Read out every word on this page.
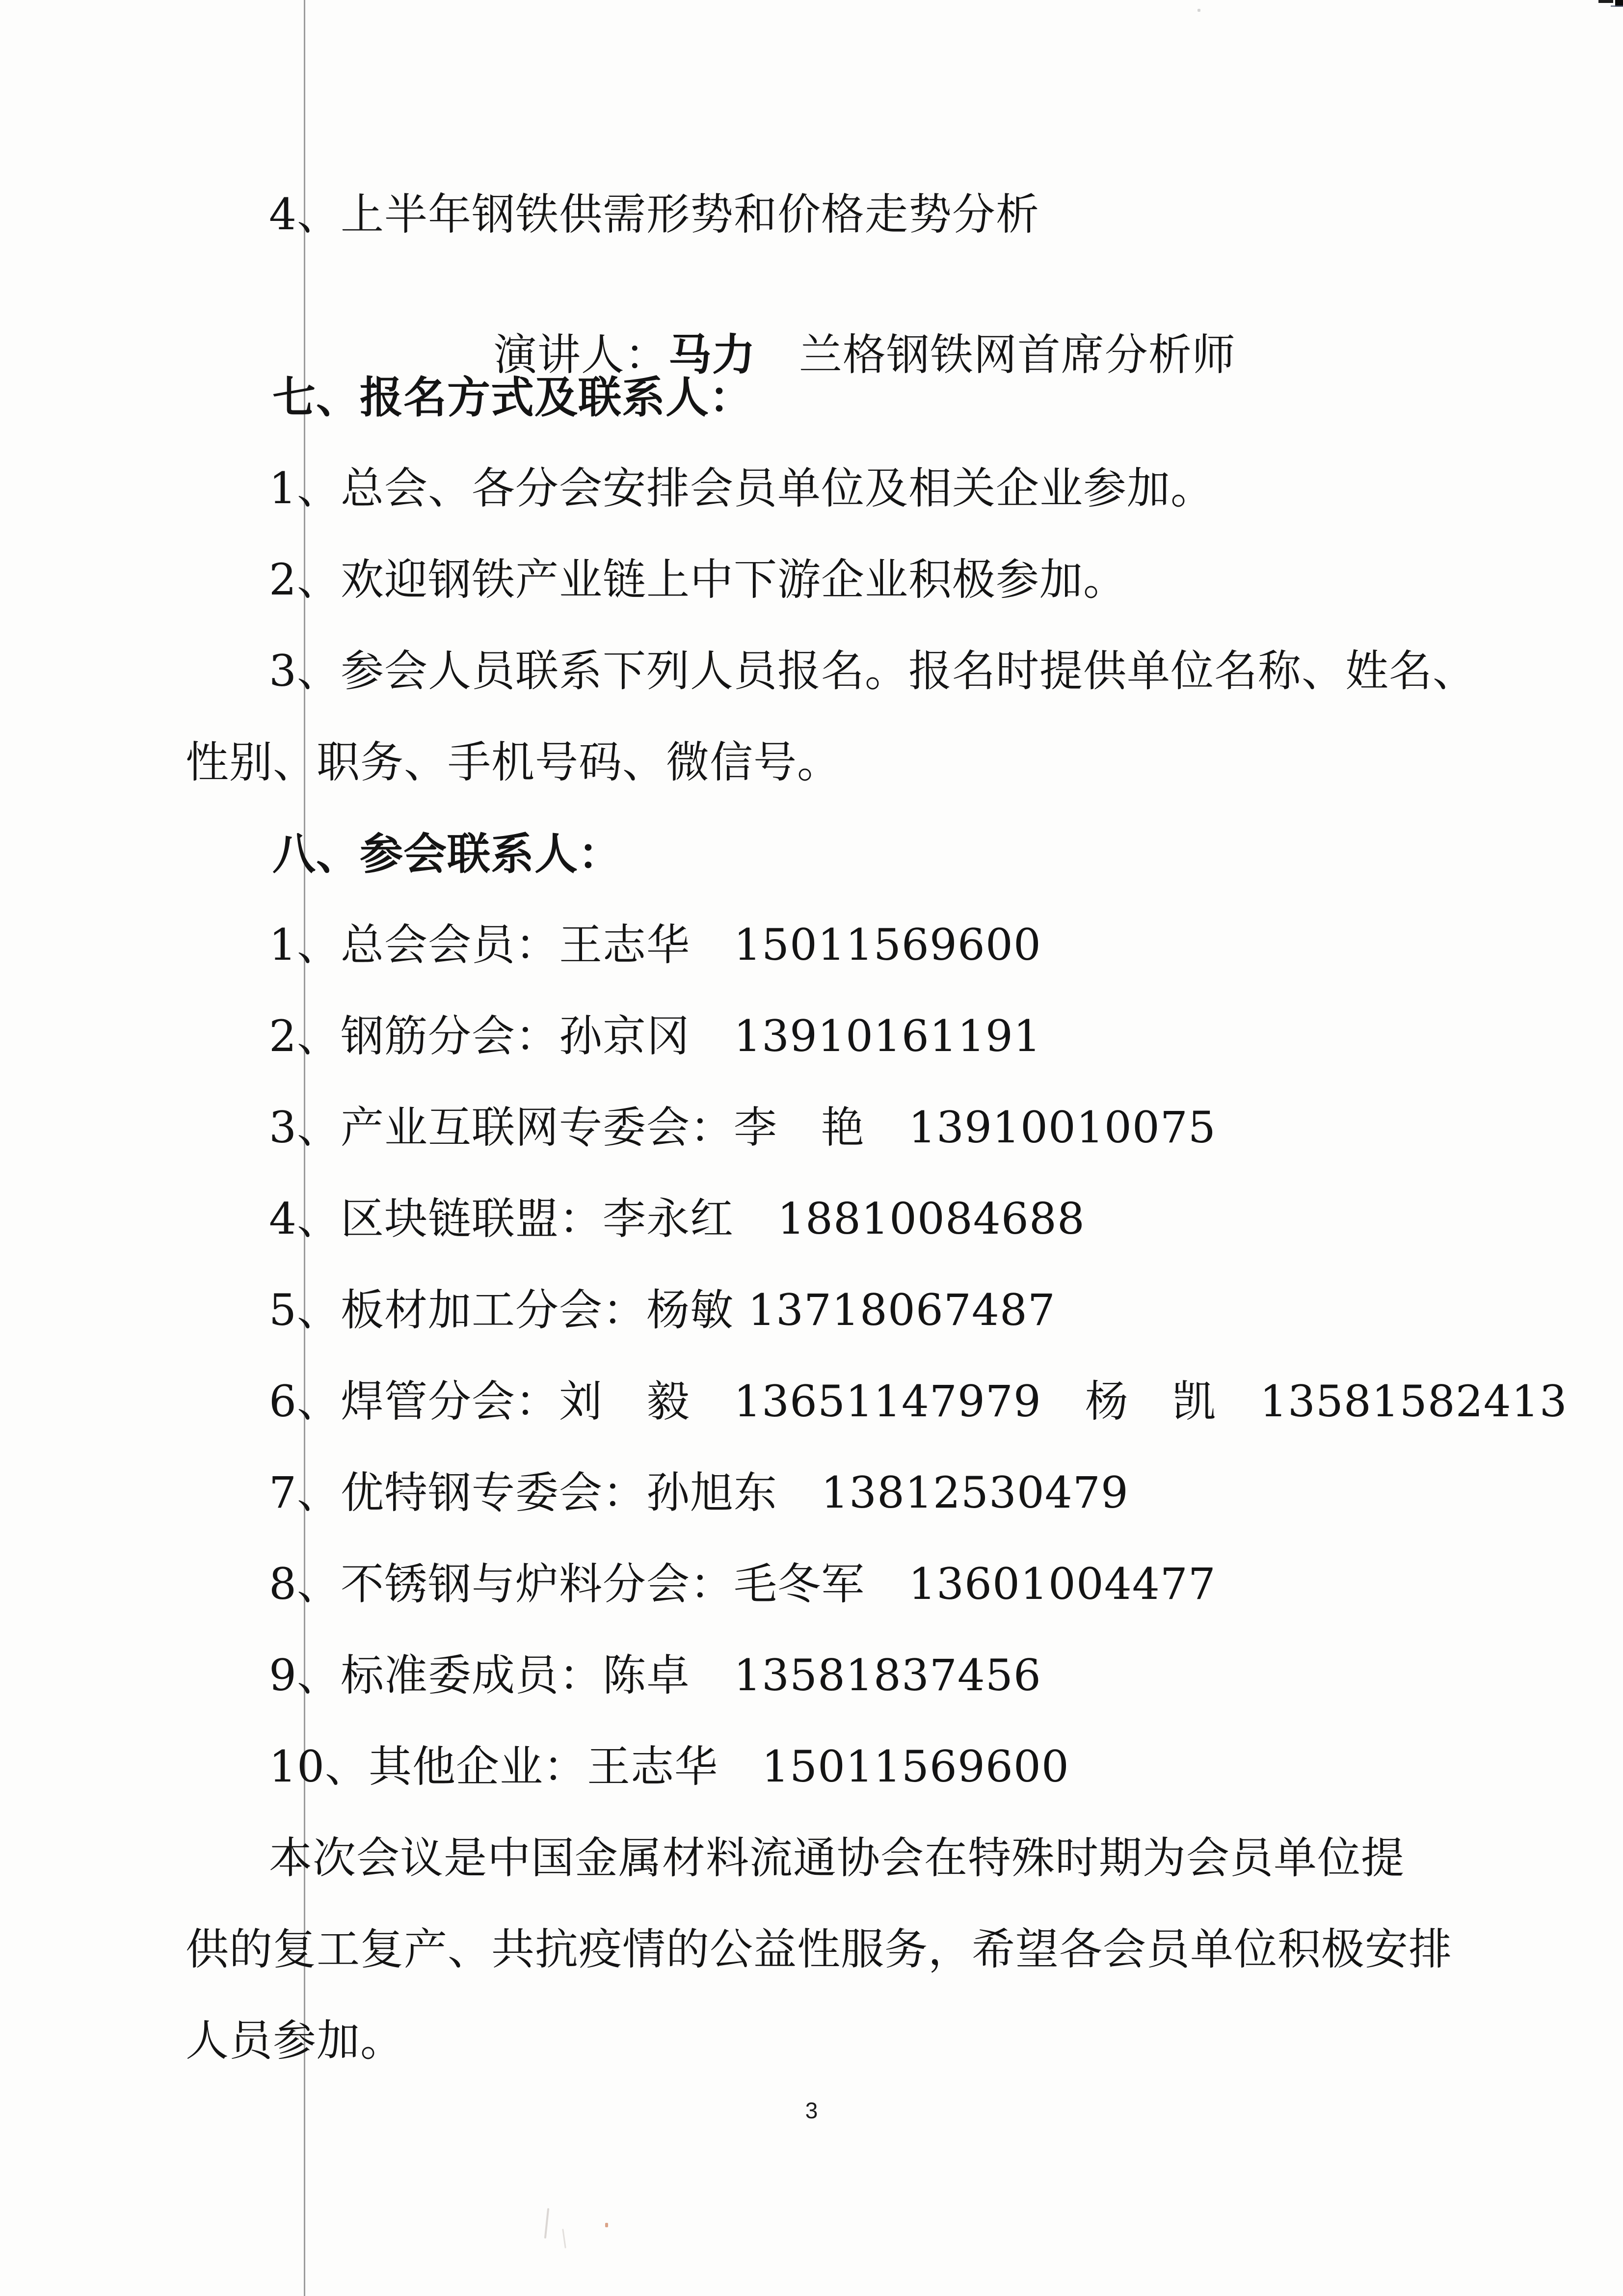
4、上半年钢铁供需形势和价格走势分析

演讲人：马力 兰格钢铁网首席分析师

七、报名方式及联系人：
1、总会、各分会安排会员单位及相关企业参加。
2、欢迎钢铁产业链上中下游企业积极参加。
3、参会人员联系下列人员报名。报名时提供单位名称、姓名、
性别、职务、手机号码、微信号。
八、参会联系人：
1、总会会员：王志华　15011569600
2、钢筋分会：孙京冈　13910161191
3、产业互联网专委会：李　艳　13910010075
4、区块链联盟：李永红　18810084688
5、板材加工分会：杨敏 13718067487
6、焊管分会：刘　毅　13651147979　杨　凯　13581582413
7、优特钢专委会：孙旭东　13812530479
8、不锈钢与炉料分会：毛冬军　13601004477
9、标准委成员：陈卓　13581837456
10、其他企业：王志华　15011569600
本次会议是中国金属材料流通协会在特殊时期为会员单位提
供的复工复产、共抗疫情的公益性服务，希望各会员单位积极安排
人员参加。
3
